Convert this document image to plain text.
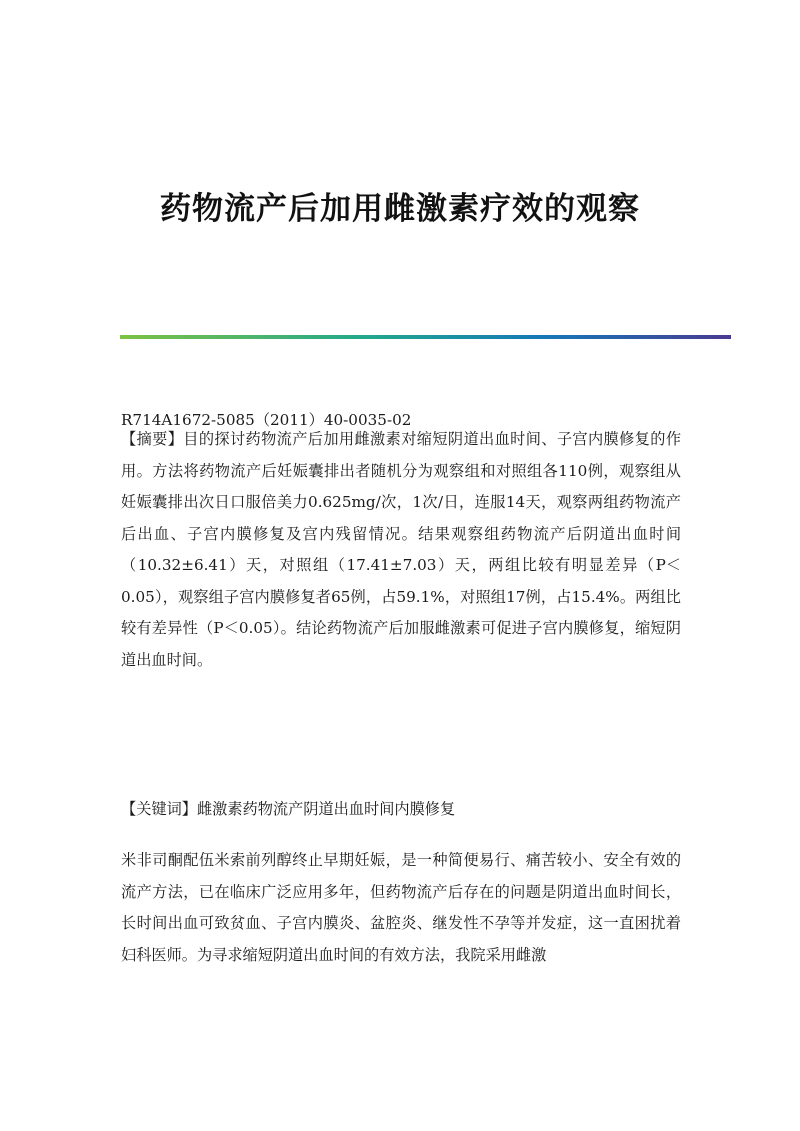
药物流产后加用雌激素疗效的观察
R714A1672-5085（2011）40-0035-02
【摘要】目的探讨药物流产后加用雌激素对缩短阴道出血时间、子宫内膜修复的作用。方法将药物流产后妊娠囊排出者随机分为观察组和对照组各110例，观察组从妊娠囊排出次日口服倍美力0.625mg/次，1次/日，连服14天，观察两组药物流产后出血、子宫内膜修复及宫内残留情况。结果观察组药物流产后阴道出血时间（10.32±6.41）天，对照组（17.41±7.03）天，两组比较有明显差异（P＜0.05），观察组子宫内膜修复者65例，占59.1%，对照组17例，占15.4%。两组比较有差异性（P＜0.05）。结论药物流产后加服雌激素可促进子宫内膜修复，缩短阴道出血时间。
【关键词】雌激素药物流产阴道出血时间内膜修复
米非司酮配伍米索前列醇终止早期妊娠，是一种简便易行、痛苦较小、安全有效的流产方法，已在临床广泛应用多年，但药物流产后存在的问题是阴道出血时间长，长时间出血可致贫血、子宫内膜炎、盆腔炎、继发性不孕等并发症，这一直困扰着妇科医师。为寻求缩短阴道出血时间的有效方法，我院采用雌激
